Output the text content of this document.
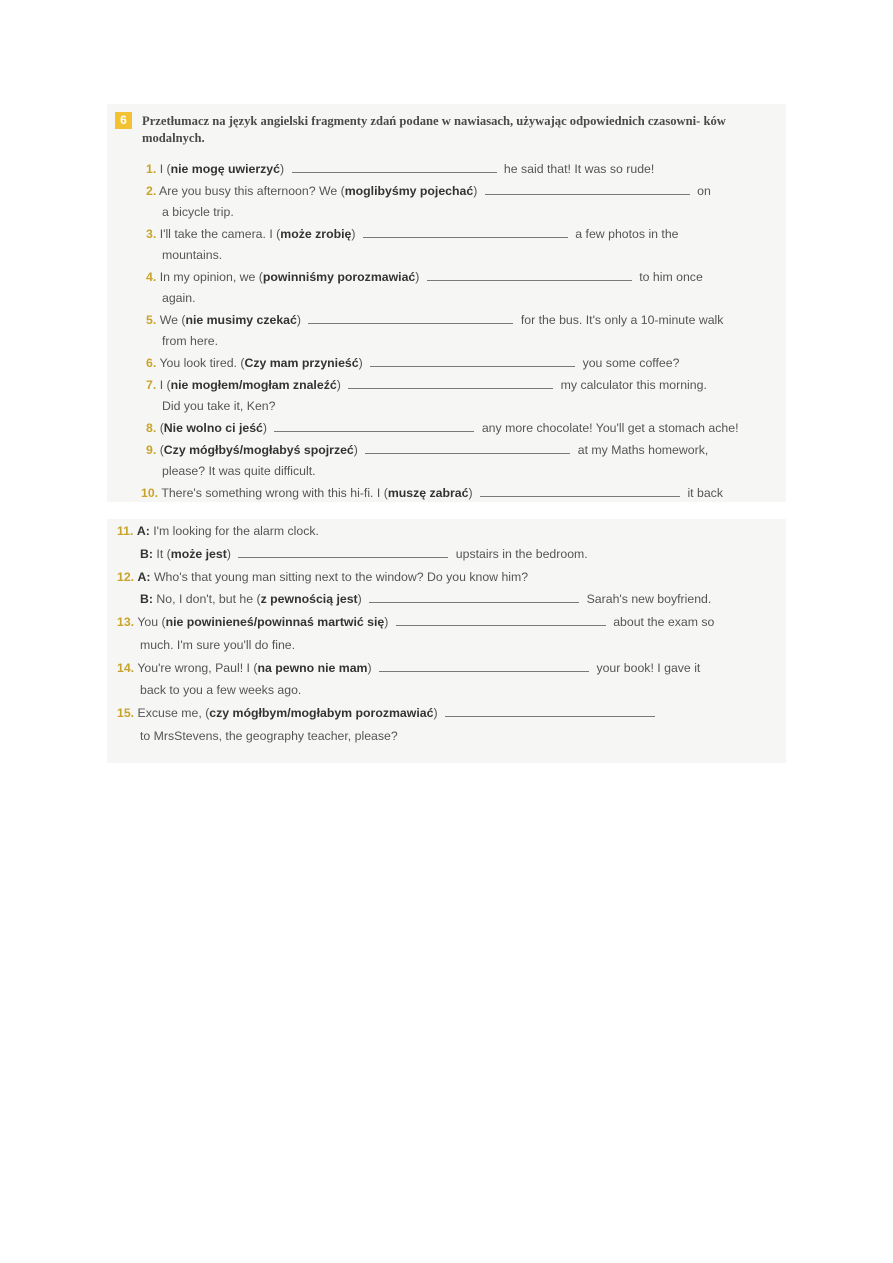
6	Przetłumacz na język angielski fragmenty zdań podane w nawiasach, używając odpowiednich czasowni- ków modalnych.
1. I (nie mogę uwierzyć)	he said that! It was so rude!
2. Are you busy this afternoon? We (moglibyśmy pojechać)	on
a bicycle trip.
3. I'll take the camera. I (może zrobię)	a few photos in the
mountains.
4. In my opinion, we (powinniśmy porozmawiać)	to him once
again.
5. We (nie musimy czekać)	for the bus. It's only a 10-minute walk
from here.
6. You look tired. (Czy mam przynieść)	you some coffee?
7. I (nie mogłem/mogłam znaleźć)	my calculator this morning.
Did you take it, Ken?
8. (Nie wolno ci jeść)	any more chocolate! You'll get a stomach ache!
9. (Czy mógłbyś/mogłabyś spojrzeć)	at my Maths homework,
please? It was quite difficult.
10. There's something wrong with this hi-fi. I (muszę zabrać)	it back
11. A: I'm looking for the alarm clock.
B: It (może jest)	upstairs in the bedroom.
12. A: Who's that young man sitting next to the window? Do you know him?
B: No, I don't, but he (z pewnością jest)	Sarah's new boyfriend.
13. You (nie powinieneś/powinnaś martwić się)	about the exam so
much. I'm sure you'll do fine.
14. You're wrong, Paul! I (na pewno nie mam)	your book! I gave it
back to you a few weeks ago.
15. Excuse me, (czy mógłbym/mogłabym porozmawiać)
to MrsStevens, the geography teacher, please?
